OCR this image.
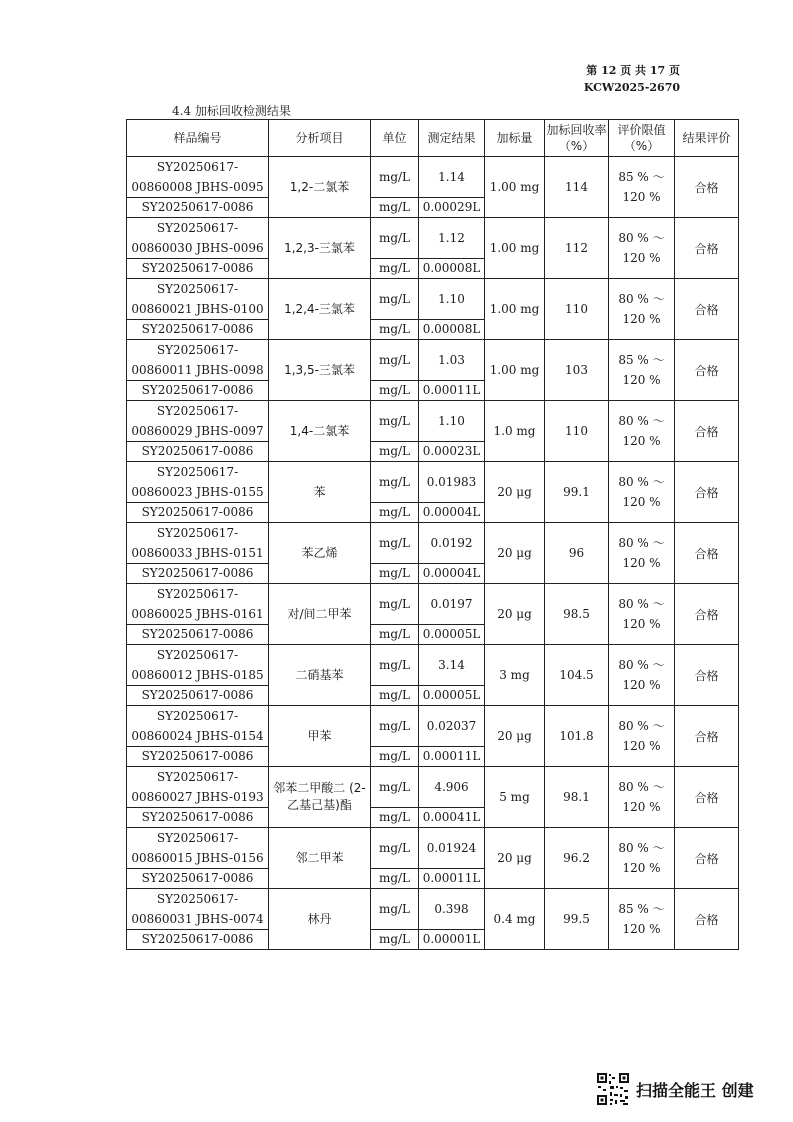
第 12 页 共 17 页
KCW2025-2670
4.4 加标回收检测结果
样品编号	分析项目	单位	测定结果	加标量	加标回收率（%）	评价限值（%）	结果评价
SY20250617-00860008 JBHS-0095	1,2-二氯苯	mg/L	1.14	1.00 mg	114	85 % ～ 120 %	合格
SY20250617-0086		mg/L	0.00029L				
SY20250617-00860030 JBHS-0096	1,2,3-三氯苯	mg/L	1.12	1.00 mg	112	80 % ～ 120 %	合格
SY20250617-0086		mg/L	0.00008L				
SY20250617-00860021 JBHS-0100	1,2,4-三氯苯	mg/L	1.10	1.00 mg	110	80 % ～ 120 %	合格
SY20250617-0086		mg/L	0.00008L				
SY20250617-00860011 JBHS-0098	1,3,5-三氯苯	mg/L	1.03	1.00 mg	103	85 % ～ 120 %	合格
SY20250617-0086		mg/L	0.00011L				
SY20250617-00860029 JBHS-0097	1,4-二氯苯	mg/L	1.10	1.0 mg	110	80 % ～ 120 %	合格
SY20250617-0086		mg/L	0.00023L				
SY20250617-00860023 JBHS-0155	苯	mg/L	0.01983	20 μg	99.1	80 % ～ 120 %	合格
SY20250617-0086		mg/L	0.00004L				
SY20250617-00860033 JBHS-0151	苯乙烯	mg/L	0.0192	20 μg	96	80 % ～ 120 %	合格
SY20250617-0086		mg/L	0.00004L				
SY20250617-00860025 JBHS-0161	对/间二甲苯	mg/L	0.0197	20 μg	98.5	80 % ～ 120 %	合格
SY20250617-0086		mg/L	0.00005L				
SY20250617-00860012 JBHS-0185	二硝基苯	mg/L	3.14	3 mg	104.5	80 % ～ 120 %	合格
SY20250617-0086		mg/L	0.00005L				
SY20250617-00860024 JBHS-0154	甲苯	mg/L	0.02037	20 μg	101.8	80 % ～ 120 %	合格
SY20250617-0086		mg/L	0.00011L				
SY20250617-00860027 JBHS-0193	邻苯二甲酸二 (2-乙基己基)酯	mg/L	4.906	5 mg	98.1	80 % ～ 120 %	合格
SY20250617-0086		mg/L	0.00041L				
SY20250617-00860015 JBHS-0156	邻二甲苯	mg/L	0.01924	20 μg	96.2	80 % ～ 120 %	合格
SY20250617-0086		mg/L	0.00011L				
SY20250617-00860031 JBHS-0074	林丹	mg/L	0.398	0.4 mg	99.5	85 % ～ 120 %	合格
SY20250617-0086		mg/L	0.00001L				
扫描全能王 创建
